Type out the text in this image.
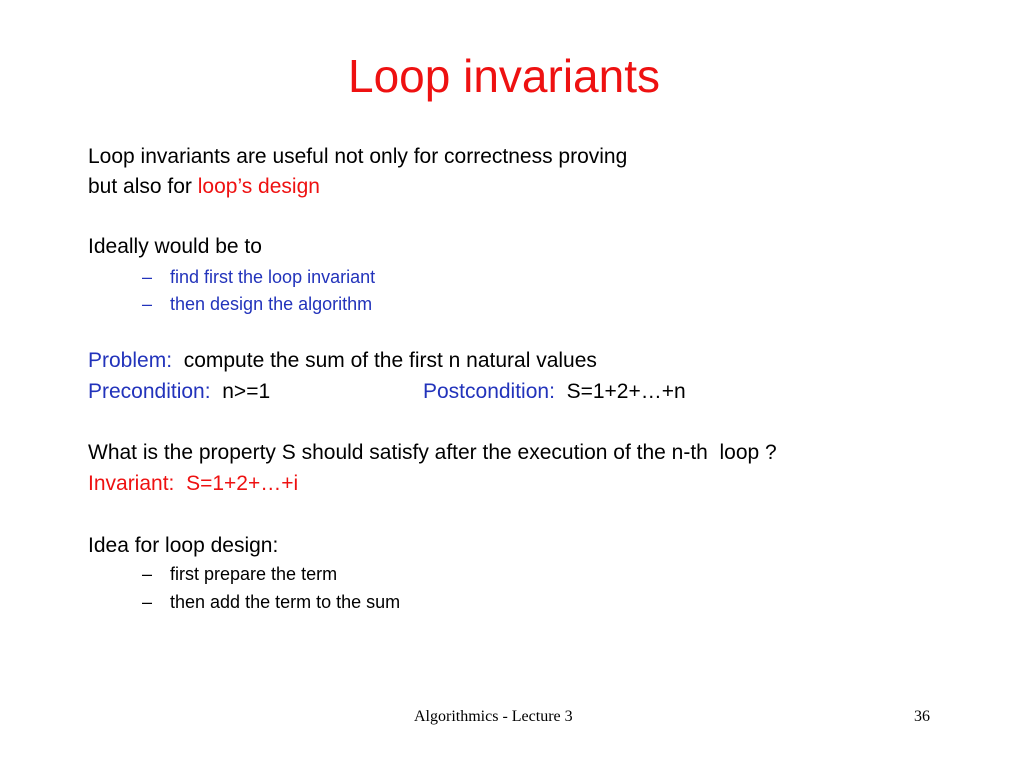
Loop invariants
Loop invariants are useful not only for correctness proving
but also for loop’s design
Ideally would be to
– find first the loop invariant
– then design the algorithm
Problem: compute the sum of the first n natural values
Precondition: n>=1	Postcondition: S=1+2+…+n
What is the property S should satisfy after the execution of the n-th  loop ?
Invariant: S=1+2+…+i
Idea for loop design:
– first prepare the term
– then add the term to the sum
Algorithmics - Lecture 3	36
